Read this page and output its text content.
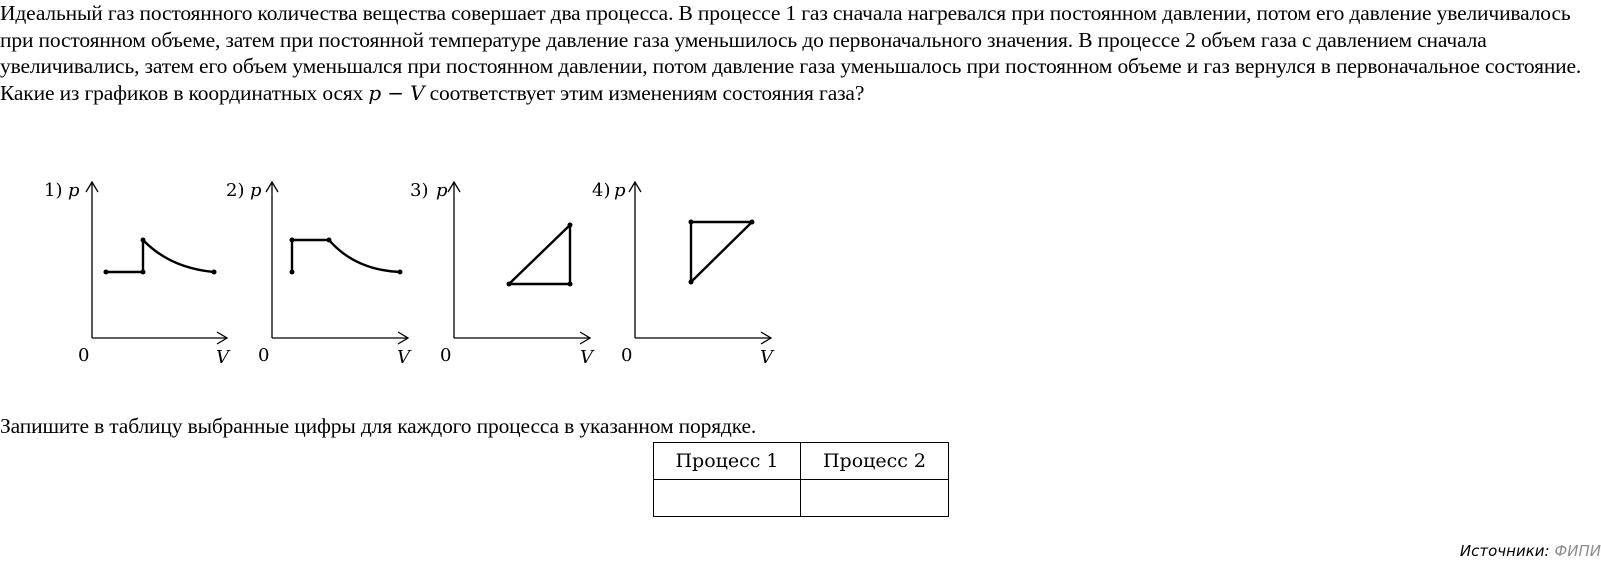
Идеальный газ постоянного количества вещества совершает два процесса. В процессе 1 газ сначала нагревался при постоянном давлении, потом его давление увеличивалось при постоянном объеме, затем при постоянной температуре давление газа уменьшилось до первоначального значения. В процессе 2 объем газа с давлением сначала увеличивались, затем его объем уменьшался при постоянном давлении, потом давление газа уменьшалось при постоянном объеме и газ вернулся в первоначальное состояние. Какие из графиков в координатных осях p − V соответствует этим изменениям состояния газа?

1) p
0	V
2) p
0	V
3) p
0	V
4) p
0	V
Запишите в таблицу выбранные цифры для каждого процесса в указанном порядке.
Процесс 1	Процесс 2

Источники: ФИПИ
